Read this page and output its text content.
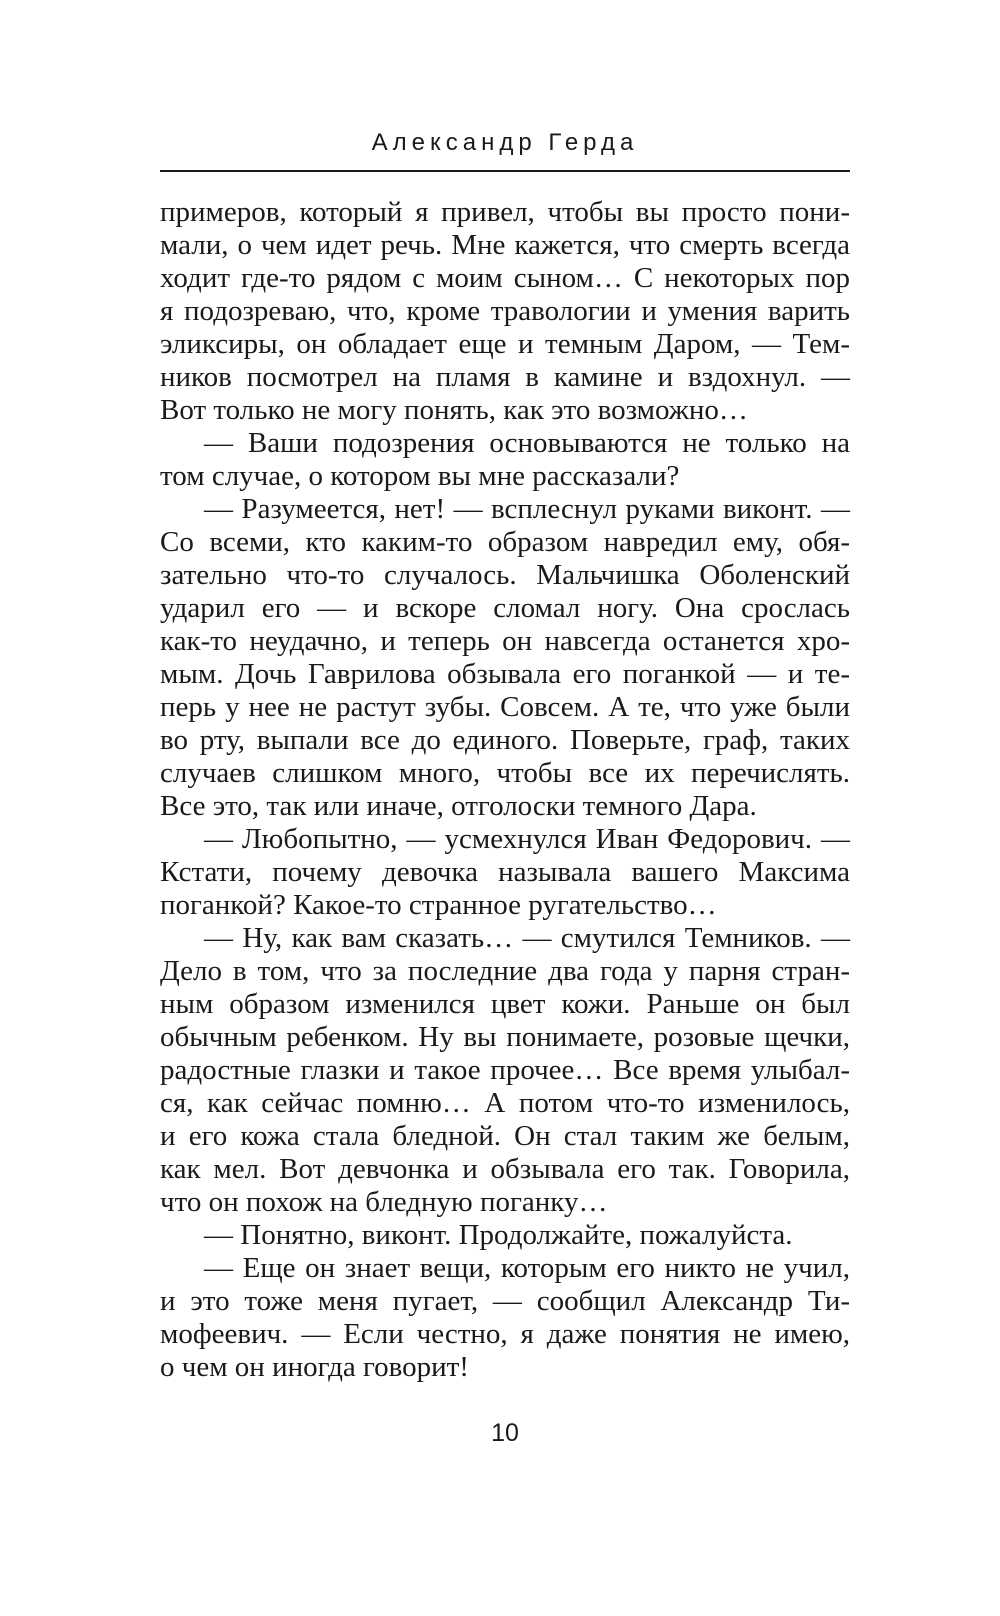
Александр Герда
примеров, который я привел, чтобы вы просто пони-
мали, о чем идет речь. Мне кажется, что смерть всегда
ходит где-то рядом с моим сыном… С некоторых пор
я подозреваю, что, кроме травологии и умения варить
эликсиры, он обладает еще и темным Даром, — Тем-
ников посмотрел на пламя в камине и вздохнул. —
Вот только не могу понять, как это возможно…
— Ваши подозрения основываются не только на
том случае, о котором вы мне рассказали?
— Разумеется, нет! — всплеснул руками виконт. —
Со всеми, кто каким-то образом навредил ему, обя-
зательно что-то случалось. Мальчишка Оболенский
ударил его — и вскоре сломал ногу. Она срослась
как-то неудачно, и теперь он навсегда останется хро-
мым. Дочь Гаврилова обзывала его поганкой — и те-
перь у нее не растут зубы. Совсем. А те, что уже были
во рту, выпали все до единого. Поверьте, граф, таких
случаев слишком много, чтобы все их перечислять.
Все это, так или иначе, отголоски темного Дара.
— Любопытно, — усмехнулся Иван Федорович. —
Кстати, почему девочка называла вашего Максима
поганкой? Какое-то странное ругательство…
— Ну, как вам сказать… — смутился Темников. —
Дело в том, что за последние два года у парня стран-
ным образом изменился цвет кожи. Раньше он был
обычным ребенком. Ну вы понимаете, розовые щечки,
радостные глазки и такое прочее… Все время улыбал-
ся, как сейчас помню… А потом что-то изменилось,
и его кожа стала бледной. Он стал таким же белым,
как мел. Вот девчонка и обзывала его так. Говорила,
что он похож на бледную поганку…
— Понятно, виконт. Продолжайте, пожалуйста.
— Еще он знает вещи, которым его никто не учил,
и это тоже меня пугает, — сообщил Александр Ти-
мофеевич. — Если честно, я даже понятия не имею,
о чем он иногда говорит!
10
